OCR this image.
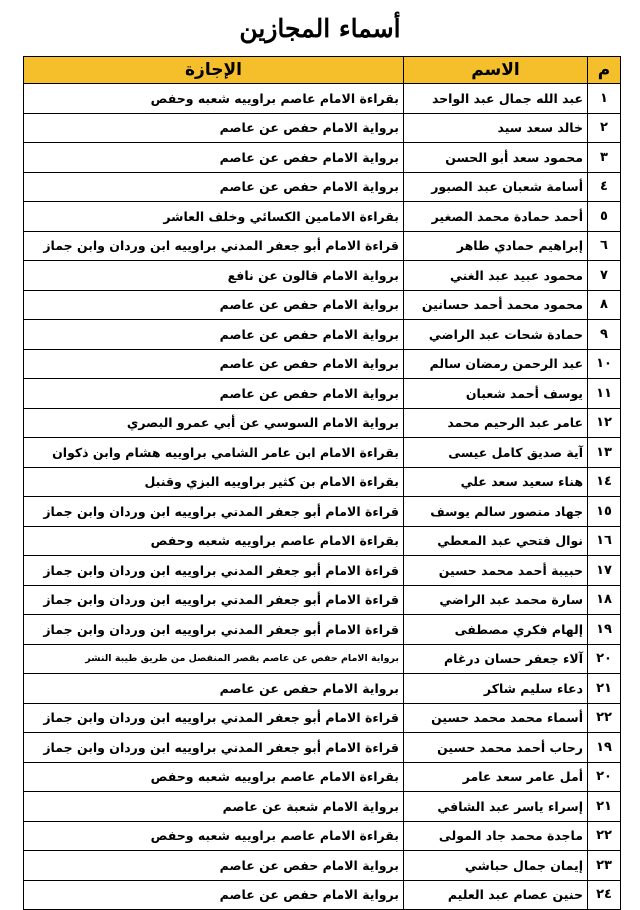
أسماء المجازين
م	الاسم	الإجازة
١	عبد الله جمال عبد الواحد	بقراءة الامام عاصم براوييه شعبه وحفص
٢	خالد سعد سيد	برواية الامام حفص عن عاصم
٣	محمود سعد أبو الحسن	برواية الامام حفص عن عاصم
٤	أسامة شعبان عبد الصبور	برواية الامام حفص عن عاصم
٥	أحمد حمادة محمد الصغير	بقراءة الامامين الكسائي وخلف العاشر
٦	إبراهيم حمادي طاهر	قراءة الامام أبو جعفر المدني براوييه ابن وردان وابن جماز
٧	محمود عبيد عبد الغني	برواية الامام قالون عن نافع
٨	محمود محمد أحمد حسانين	برواية الامام حفص عن عاصم
٩	حمادة شحات عبد الراضي	برواية الامام حفص عن عاصم
١٠	عبد الرحمن رمضان سالم	برواية الامام حفص عن عاصم
١١	يوسف أحمد شعبان	برواية الامام حفص عن عاصم
١٢	عامر عبد الرحيم محمد	برواية الامام السوسي عن أبي عمرو البصري
١٣	آية صديق كامل عيسى	بقراءة الامام ابن عامر الشامي براوييه هشام وابن ذكوان
١٤	هناء سعيد سعد علي	بقراءة الامام بن كثير براوييه البزي وقنبل
١٥	جهاد منصور سالم يوسف	قراءة الامام أبو جعفر المدني براوييه ابن وردان وابن جماز
١٦	نوال فتحي عبد المعطي	بقراءة الامام عاصم براوييه شعبه وحفص
١٧	حبيبة أحمد محمد حسين	قراءة الامام أبو جعفر المدني براوييه ابن وردان وابن جماز
١٨	سارة محمد عبد الراضي	قراءة الامام أبو جعفر المدني براوييه ابن وردان وابن جماز
١٩	إلهام فكري مصطفى	قراءة الامام أبو جعفر المدني براوييه ابن وردان وابن جماز
٢٠	آلاء جعفر حسان درغام	برواية الامام حفص عن عاصم بقصر المنفصل من طريق طيبة النشر
٢١	دعاء سليم شاكر	برواية الامام حفص عن عاصم
٢٢	أسماء محمد محمد حسين	قراءة الامام أبو جعفر المدني براوييه ابن وردان وابن جماز
١٩	رحاب أحمد محمد حسين	قراءة الامام أبو جعفر المدني براوييه ابن وردان وابن جماز
٢٠	أمل عامر سعد عامر	بقراءة الامام عاصم براوييه شعبه وحفص
٢١	إسراء ياسر عبد الشافي	برواية الامام شعبة عن عاصم
٢٢	ماجدة محمد جاد المولى	بقراءة الامام عاصم براوييه شعبه وحفص
٢٣	إيمان جمال حباشي	برواية الامام حفص عن عاصم
٢٤	حنين عصام عبد العليم	برواية الامام حفص عن عاصم
